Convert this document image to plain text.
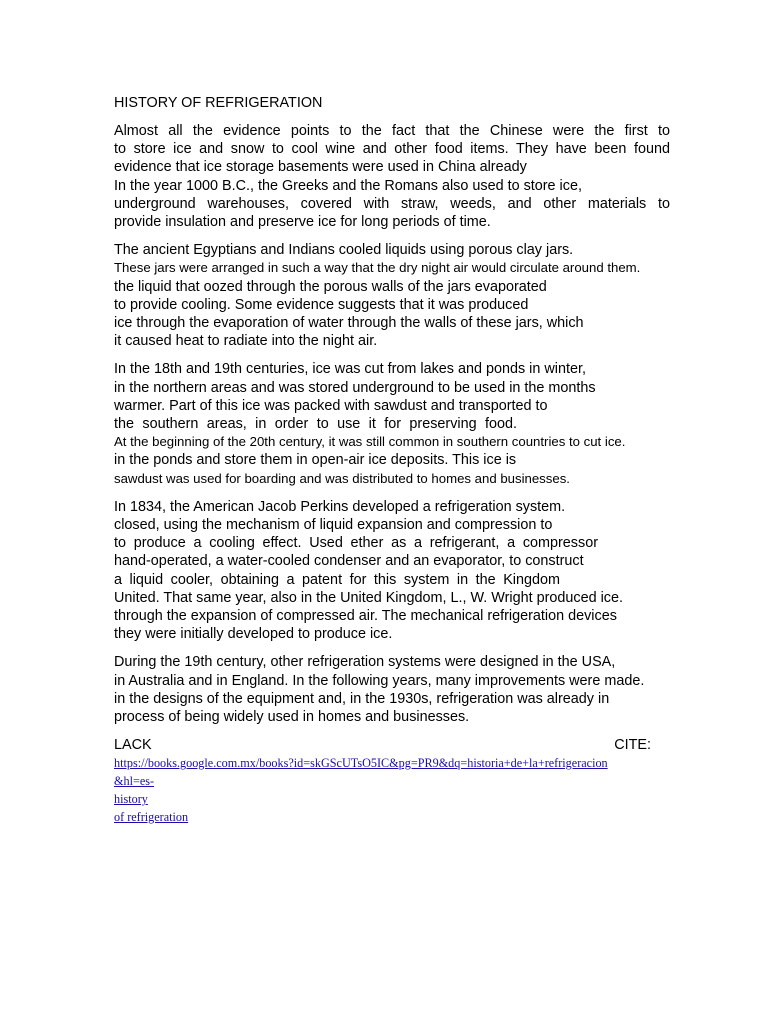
HISTORY OF REFRIGERATION
Almost all the evidence points to the fact that the Chinese were the first to
to store ice and snow to cool wine and other food items. They have been found
evidence that ice storage basements were used in China already
In the year 1000 B.C., the Greeks and the Romans also used to store ice,
underground warehouses, covered with straw, weeds, and other materials to
provide insulation and preserve ice for long periods of time.
The ancient Egyptians and Indians cooled liquids using porous clay jars.
These jars were arranged in such a way that the dry night air would circulate around them.
the liquid that oozed through the porous walls of the jars evaporated
to provide cooling. Some evidence suggests that it was produced
ice through the evaporation of water through the walls of these jars, which
it caused heat to radiate into the night air.
In the 18th and 19th centuries, ice was cut from lakes and ponds in winter,
in the northern areas and was stored underground to be used in the months
warmer. Part of this ice was packed with sawdust and transported to
the southern areas, in order to use it for preserving food.
At the beginning of the 20th century, it was still common in southern countries to cut ice.
in the ponds and store them in open-air ice deposits. This ice is
sawdust was used for boarding and was distributed to homes and businesses.
In 1834, the American Jacob Perkins developed a refrigeration system.
closed, using the mechanism of liquid expansion and compression to
to produce a cooling effect. Used ether as a refrigerant, a compressor
hand-operated, a water-cooled condenser and an evaporator, to construct
a liquid cooler, obtaining a patent for this system in the Kingdom
United. That same year, also in the United Kingdom, L., W. Wright produced ice.
through the expansion of compressed air. The mechanical refrigeration devices
they were initially developed to produce ice.
During the 19th century, other refrigeration systems were designed in the USA,
in Australia and in England. In the following years, many improvements were made.
in the designs of the equipment and, in the 1930s, refrigeration was already in
process of being widely used in homes and businesses.
LACK	CITE:
https://books.google.com.mx/books?id=skGScUTsO5IC&pg=PR9&dq=historia+de+la+refrigeracion
&hl=es-
history
of refrigeration
